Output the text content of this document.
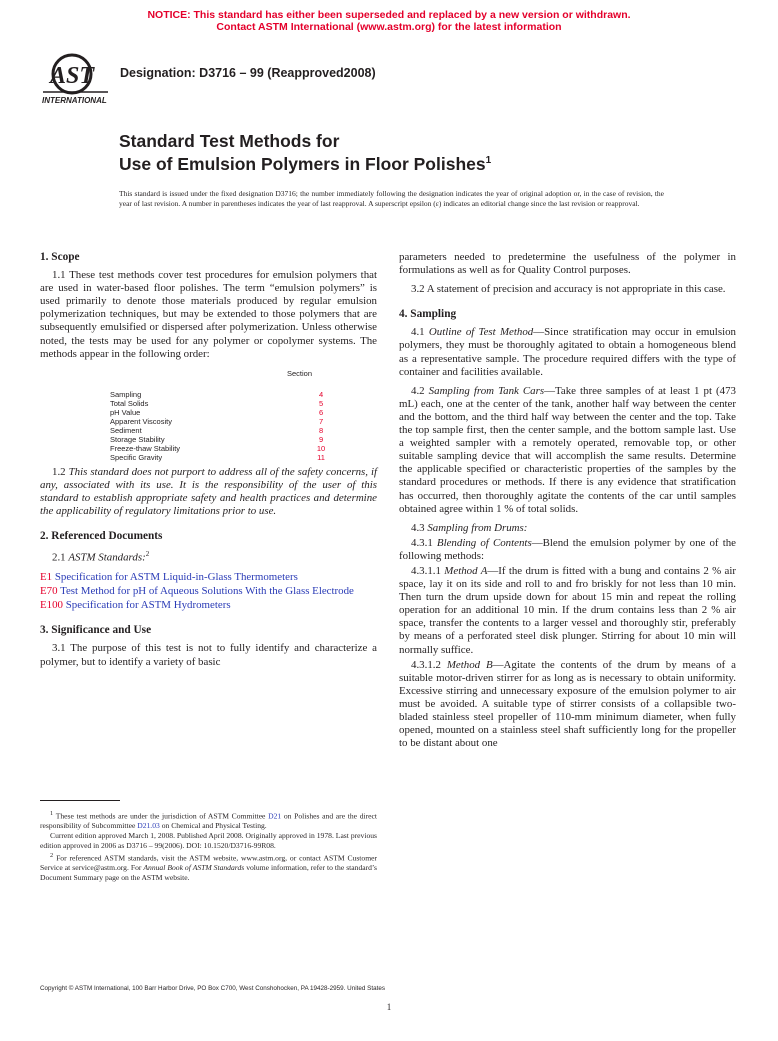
NOTICE: This standard has either been superseded and replaced by a new version or withdrawn.
Contact ASTM International (www.astm.org) for the latest information
AST
INTERNATIONAL
Designation: D3716 – 99 (Reapproved2008)
Standard Test Methods for
Use of Emulsion Polymers in Floor Polishes$^1$
This standard is issued under the fixed designation D3716; the number immediately following the designation indicates the year of original adoption or, in the case of revision, the year of last revision. A number in parentheses indicates the year of last reapproval. A superscript epsilon (ε) indicates an editorial change since the last revision or reapproval.
1. Scope

1.1 These test methods cover test procedures for emulsion polymers that are used in water-based floor polishes. The term “emulsion polymers” is used primarily to denote those materials produced by regular emulsion polymerization techniques, but may be extended to those polymers that are subsequently emulsified or dispersed after polymerization. Unless otherwise noted, the tests may be used for any polymer or copolymer systems. The methods appear in the following order:

Section
Sampling	4
Total Solids	5
pH Value	6
Apparent Viscosity	7
Sediment	8
Storage Stability	9
Freeze-thaw Stability	10
Specific Gravity	11

1.2 This standard does not purport to address all of the safety concerns, if any, associated with its use. It is the responsibility of the user of this standard to establish appropriate safety and health practices and determine the applicability of regulatory limitations prior to use.

2. Referenced Documents

2.1 ASTM Standards:$^2$

E1 Specification for ASTM Liquid-in-Glass Thermometers

E70 Test Method for pH of Aqueous Solutions With the Glass Electrode

E100 Specification for ASTM Hydrometers

3. Significance and Use

3.1 The purpose of this test is not to fully identify and characterize a polymer, but to identify a variety of basic

$^1$ These test methods are under the jurisdiction of ASTM Committee D21 on Polishes and are the direct responsibility of Subcommittee D21.03 on Chemical and Physical Testing.

Current edition approved March 1, 2008. Published April 2008. Originally approved in 1978. Last previous edition approved in 2006 as D3716 – 99(2006). DOI: 10.1520/D3716-99R08.

$^2$ For referenced ASTM standards, visit the ASTM website, www.astm.org, or contact ASTM Customer Service at service@astm.org. For Annual Book of ASTM Standards volume information, refer to the standard’s Document Summary page on the ASTM website.

parameters needed to predetermine the usefulness of the polymer in formulations as well as for Quality Control purposes.

3.2 A statement of precision and accuracy is not appropriate in this case.

4. Sampling

4.1 Outline of Test Method—Since stratification may occur in emulsion polymers, they must be thoroughly agitated to obtain a homogeneous blend as a representative sample. The procedure required differs with the type of container and facilities available.

4.2 Sampling from Tank Cars—Take three samples of at least 1 pt (473 mL) each, one at the center of the tank, another half way between the center and the bottom, and the third half way between the center and the top. Take the top sample first, then the center sample, and the bottom sample last. Use a weighted sampler with a remotely operated, removable top, or other suitable sampling device that will accomplish the same results. Determine the applicable specified or characteristic properties of the samples by the standard procedures or methods. If there is any evidence that stratification has occurred, then thoroughly agitate the contents of the car until samples obtained agree within 1 % of total solids.

4.3 Sampling from Drums:

4.3.1 Blending of Contents—Blend the emulsion polymer by one of the following methods:

4.3.1.1 Method A—If the drum is fitted with a bung and contains 2 % air space, lay it on its side and roll to and fro briskly for not less than 10 min. Then turn the drum upside down for about 15 min and repeat the rolling operation for an additional 10 min. If the drum contains less than 2 % air space, transfer the contents to a larger vessel and thoroughly stir, preferably by means of a perforated steel disk plunger. Stirring for about 10 min will normally suffice.

4.3.1.2 Method B—Agitate the contents of the drum by means of a suitable motor-driven stirrer for as long as is necessary to obtain uniformity. Excessive stirring and unnecessary exposure of the emulsion polymer to air must be avoided. A suitable type of stirrer consists of a collapsible two-bladed stainless steel propeller of 110-mm minimum diameter, when fully opened, mounted on a stainless steel shaft sufficiently long for the propeller to be distant about one

Copyright © ASTM International, 100 Barr Harbor Drive, PO Box C700, West Conshohocken, PA 19428-2959. United States
1
